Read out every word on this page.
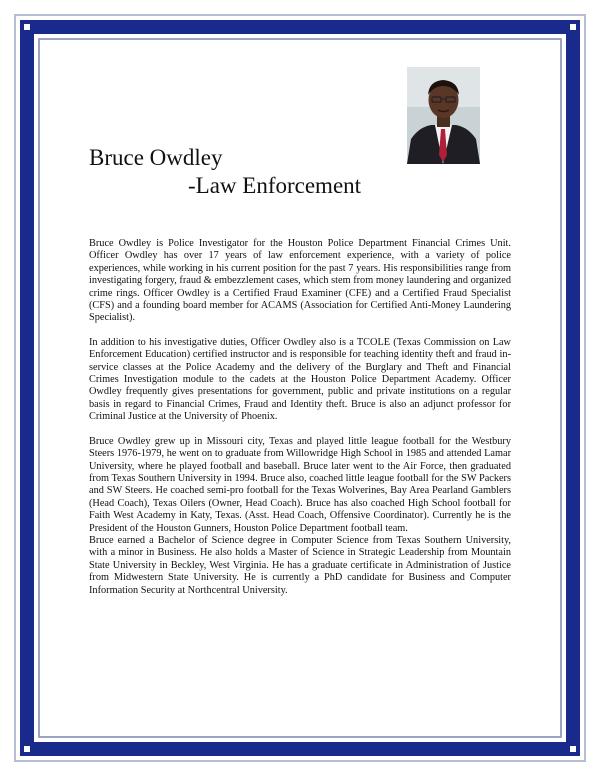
Bruce Owdley
-Law Enforcement

Bruce Owdley is Police Investigator for the Houston Police Department Financial Crimes Unit. Officer Owdley has over 17 years of law enforcement experience, with a variety of police experiences, while working in his current position for the past 7 years. His responsibilities range from investigating forgery, fraud & embezzlement cases, which stem from money laundering and organized crime rings. Officer Owdley is a Certified Fraud Examiner (CFE) and a Certified Fraud Specialist (CFS) and a founding board member for ACAMS (Association for Certified Anti-Money Laundering Specialist).

In addition to his investigative duties, Officer Owdley also is a TCOLE (Texas Commission on Law Enforcement Education) certified instructor and is responsible for teaching identity theft and fraud in-service classes at the Police Academy and the delivery of the Burglary and Theft and Financial Crimes Investigation module to the cadets at the Houston Police Department Academy. Officer Owdley frequently gives presentations for government, public and private institutions on a regular basis in regard to Financial Crimes, Fraud and Identity theft. Bruce is also an adjunct professor for Criminal Justice at the University of Phoenix.

Bruce Owdley grew up in Missouri city, Texas and played little league football for the Westbury Steers 1976-1979, he went on to graduate from Willowridge High School in 1985 and attended Lamar University, where he played football and baseball. Bruce later went to the Air Force, then graduated from Texas Southern University in 1994. Bruce also, coached little league football for the SW Packers and SW Steers. He coached semi-pro football for the Texas Wolverines, Bay Area Pearland Gamblers (Head Coach), Texas Oilers (Owner, Head Coach). Bruce has also coached High School football for Faith West Academy in Katy, Texas. (Asst. Head Coach, Offensive Coordinator). Currently he is the President of the Houston Gunners, Houston Police Department football team.

Bruce earned a Bachelor of Science degree in Computer Science from Texas Southern University, with a minor in Business. He also holds a Master of Science in Strategic Leadership from Mountain State University in Beckley, West Virginia. He has a graduate certificate in Administration of Justice from Midwestern State University. He is currently a PhD candidate for Business and Computer Information Security at Northcentral University.
